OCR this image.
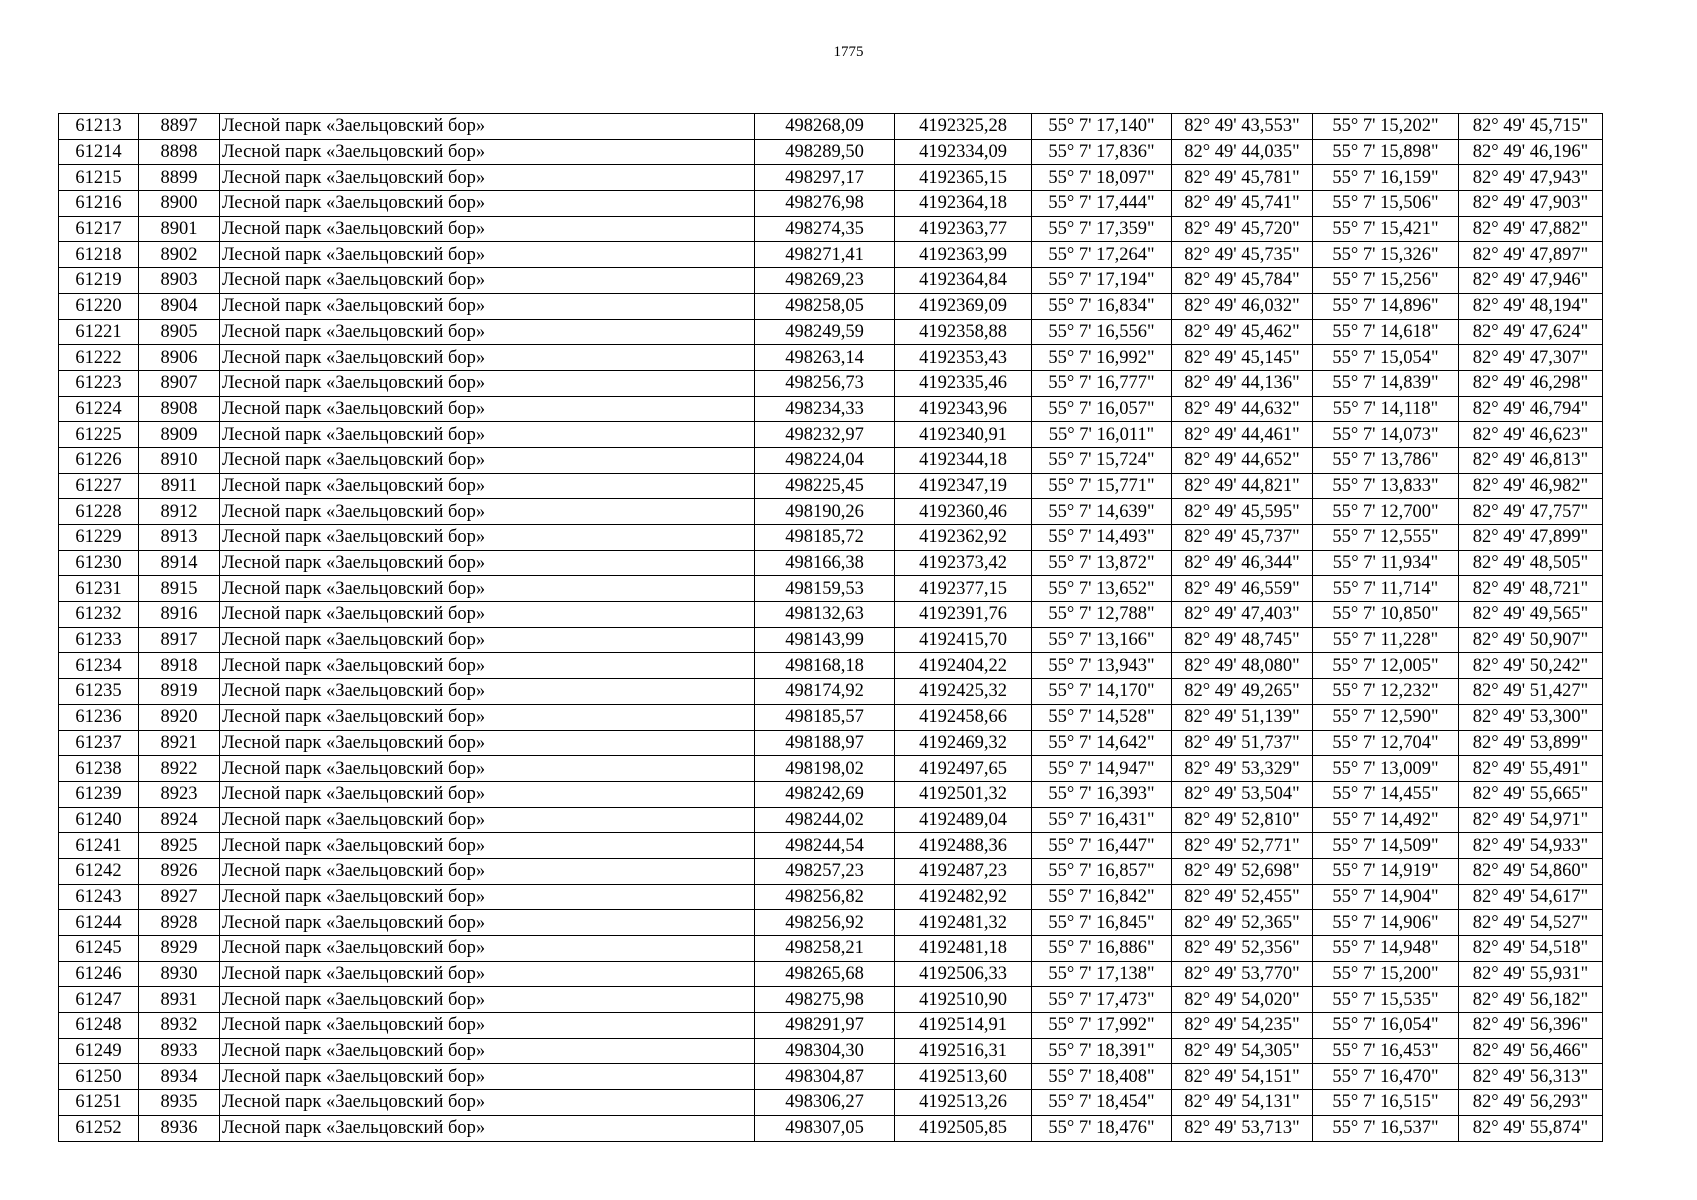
1775
61213	8897	Лесной парк «Заельцовский бор»	498268,09	4192325,28	55° 7' 17,140"	82° 49' 43,553"	55° 7' 15,202"	82° 49' 45,715"
61214	8898	Лесной парк «Заельцовский бор»	498289,50	4192334,09	55° 7' 17,836"	82° 49' 44,035"	55° 7' 15,898"	82° 49' 46,196"
61215	8899	Лесной парк «Заельцовский бор»	498297,17	4192365,15	55° 7' 18,097"	82° 49' 45,781"	55° 7' 16,159"	82° 49' 47,943"
61216	8900	Лесной парк «Заельцовский бор»	498276,98	4192364,18	55° 7' 17,444"	82° 49' 45,741"	55° 7' 15,506"	82° 49' 47,903"
61217	8901	Лесной парк «Заельцовский бор»	498274,35	4192363,77	55° 7' 17,359"	82° 49' 45,720"	55° 7' 15,421"	82° 49' 47,882"
61218	8902	Лесной парк «Заельцовский бор»	498271,41	4192363,99	55° 7' 17,264"	82° 49' 45,735"	55° 7' 15,326"	82° 49' 47,897"
61219	8903	Лесной парк «Заельцовский бор»	498269,23	4192364,84	55° 7' 17,194"	82° 49' 45,784"	55° 7' 15,256"	82° 49' 47,946"
61220	8904	Лесной парк «Заельцовский бор»	498258,05	4192369,09	55° 7' 16,834"	82° 49' 46,032"	55° 7' 14,896"	82° 49' 48,194"
61221	8905	Лесной парк «Заельцовский бор»	498249,59	4192358,88	55° 7' 16,556"	82° 49' 45,462"	55° 7' 14,618"	82° 49' 47,624"
61222	8906	Лесной парк «Заельцовский бор»	498263,14	4192353,43	55° 7' 16,992"	82° 49' 45,145"	55° 7' 15,054"	82° 49' 47,307"
61223	8907	Лесной парк «Заельцовский бор»	498256,73	4192335,46	55° 7' 16,777"	82° 49' 44,136"	55° 7' 14,839"	82° 49' 46,298"
61224	8908	Лесной парк «Заельцовский бор»	498234,33	4192343,96	55° 7' 16,057"	82° 49' 44,632"	55° 7' 14,118"	82° 49' 46,794"
61225	8909	Лесной парк «Заельцовский бор»	498232,97	4192340,91	55° 7' 16,011"	82° 49' 44,461"	55° 7' 14,073"	82° 49' 46,623"
61226	8910	Лесной парк «Заельцовский бор»	498224,04	4192344,18	55° 7' 15,724"	82° 49' 44,652"	55° 7' 13,786"	82° 49' 46,813"
61227	8911	Лесной парк «Заельцовский бор»	498225,45	4192347,19	55° 7' 15,771"	82° 49' 44,821"	55° 7' 13,833"	82° 49' 46,982"
61228	8912	Лесной парк «Заельцовский бор»	498190,26	4192360,46	55° 7' 14,639"	82° 49' 45,595"	55° 7' 12,700"	82° 49' 47,757"
61229	8913	Лесной парк «Заельцовский бор»	498185,72	4192362,92	55° 7' 14,493"	82° 49' 45,737"	55° 7' 12,555"	82° 49' 47,899"
61230	8914	Лесной парк «Заельцовский бор»	498166,38	4192373,42	55° 7' 13,872"	82° 49' 46,344"	55° 7' 11,934"	82° 49' 48,505"
61231	8915	Лесной парк «Заельцовский бор»	498159,53	4192377,15	55° 7' 13,652"	82° 49' 46,559"	55° 7' 11,714"	82° 49' 48,721"
61232	8916	Лесной парк «Заельцовский бор»	498132,63	4192391,76	55° 7' 12,788"	82° 49' 47,403"	55° 7' 10,850"	82° 49' 49,565"
61233	8917	Лесной парк «Заельцовский бор»	498143,99	4192415,70	55° 7' 13,166"	82° 49' 48,745"	55° 7' 11,228"	82° 49' 50,907"
61234	8918	Лесной парк «Заельцовский бор»	498168,18	4192404,22	55° 7' 13,943"	82° 49' 48,080"	55° 7' 12,005"	82° 49' 50,242"
61235	8919	Лесной парк «Заельцовский бор»	498174,92	4192425,32	55° 7' 14,170"	82° 49' 49,265"	55° 7' 12,232"	82° 49' 51,427"
61236	8920	Лесной парк «Заельцовский бор»	498185,57	4192458,66	55° 7' 14,528"	82° 49' 51,139"	55° 7' 12,590"	82° 49' 53,300"
61237	8921	Лесной парк «Заельцовский бор»	498188,97	4192469,32	55° 7' 14,642"	82° 49' 51,737"	55° 7' 12,704"	82° 49' 53,899"
61238	8922	Лесной парк «Заельцовский бор»	498198,02	4192497,65	55° 7' 14,947"	82° 49' 53,329"	55° 7' 13,009"	82° 49' 55,491"
61239	8923	Лесной парк «Заельцовский бор»	498242,69	4192501,32	55° 7' 16,393"	82° 49' 53,504"	55° 7' 14,455"	82° 49' 55,665"
61240	8924	Лесной парк «Заельцовский бор»	498244,02	4192489,04	55° 7' 16,431"	82° 49' 52,810"	55° 7' 14,492"	82° 49' 54,971"
61241	8925	Лесной парк «Заельцовский бор»	498244,54	4192488,36	55° 7' 16,447"	82° 49' 52,771"	55° 7' 14,509"	82° 49' 54,933"
61242	8926	Лесной парк «Заельцовский бор»	498257,23	4192487,23	55° 7' 16,857"	82° 49' 52,698"	55° 7' 14,919"	82° 49' 54,860"
61243	8927	Лесной парк «Заельцовский бор»	498256,82	4192482,92	55° 7' 16,842"	82° 49' 52,455"	55° 7' 14,904"	82° 49' 54,617"
61244	8928	Лесной парк «Заельцовский бор»	498256,92	4192481,32	55° 7' 16,845"	82° 49' 52,365"	55° 7' 14,906"	82° 49' 54,527"
61245	8929	Лесной парк «Заельцовский бор»	498258,21	4192481,18	55° 7' 16,886"	82° 49' 52,356"	55° 7' 14,948"	82° 49' 54,518"
61246	8930	Лесной парк «Заельцовский бор»	498265,68	4192506,33	55° 7' 17,138"	82° 49' 53,770"	55° 7' 15,200"	82° 49' 55,931"
61247	8931	Лесной парк «Заельцовский бор»	498275,98	4192510,90	55° 7' 17,473"	82° 49' 54,020"	55° 7' 15,535"	82° 49' 56,182"
61248	8932	Лесной парк «Заельцовский бор»	498291,97	4192514,91	55° 7' 17,992"	82° 49' 54,235"	55° 7' 16,054"	82° 49' 56,396"
61249	8933	Лесной парк «Заельцовский бор»	498304,30	4192516,31	55° 7' 18,391"	82° 49' 54,305"	55° 7' 16,453"	82° 49' 56,466"
61250	8934	Лесной парк «Заельцовский бор»	498304,87	4192513,60	55° 7' 18,408"	82° 49' 54,151"	55° 7' 16,470"	82° 49' 56,313"
61251	8935	Лесной парк «Заельцовский бор»	498306,27	4192513,26	55° 7' 18,454"	82° 49' 54,131"	55° 7' 16,515"	82° 49' 56,293"
61252	8936	Лесной парк «Заельцовский бор»	498307,05	4192505,85	55° 7' 18,476"	82° 49' 53,713"	55° 7' 16,537"	82° 49' 55,874"
